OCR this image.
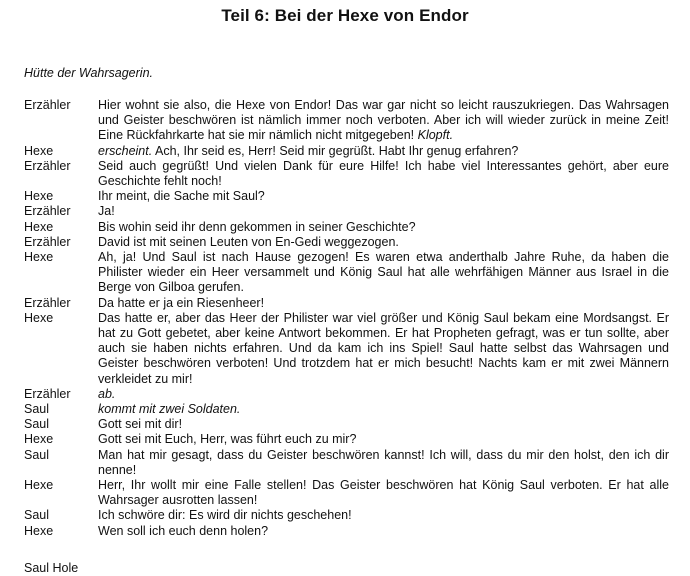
Teil 6: Bei der Hexe von Endor
Hütte der Wahrsagerin.
Erzähler	Hier wohnt sie also, die Hexe von Endor! Das war gar nicht so leicht rauszukriegen. Das Wahrsagen und Geister beschwören ist nämlich immer noch verboten. Aber ich will wieder zurück in meine Zeit! Eine Rückfahrkarte hat sie mir nämlich nicht mitgegeben! Klopft.
Hexe	erscheint. Ach, Ihr seid es, Herr! Seid mir gegrüßt. Habt Ihr genug erfahren?
Erzähler	Seid auch gegrüßt! Und vielen Dank für eure Hilfe! Ich habe viel Interessantes gehört, aber eure Geschichte fehlt noch!
Hexe	Ihr meint, die Sache mit Saul?
Erzähler	Ja!
Hexe	Bis wohin seid ihr denn gekommen in seiner Geschichte?
Erzähler	David ist mit seinen Leuten von En-Gedi weggezogen.
Hexe	Ah, ja! Und Saul ist nach Hause gezogen! Es waren etwa anderthalb Jahre Ruhe, da haben die Philister wieder ein Heer versammelt und König Saul hat alle wehrfähigen Männer aus Israel in die Berge von Gilboa gerufen.
Erzähler	Da hatte er ja ein Riesenheer!
Hexe	Das hatte er, aber das Heer der Philister war viel größer und König Saul bekam eine Mordsangst. Er hat zu Gott gebetet, aber keine Antwort bekommen. Er hat Propheten gefragt, was er tun sollte, aber auch sie haben nichts erfahren. Und da kam ich ins Spiel! Saul hatte selbst das Wahrsagen und Geister beschwören verboten! Und trotzdem hat er mich besucht! Nachts kam er mit zwei Männern verkleidet zu mir!
Erzähler	ab.
Saul	kommt mit zwei Soldaten.
Saul	Gott sei mit dir!
Hexe	Gott sei mit Euch, Herr, was führt euch zu mir?
Saul	Man hat mir gesagt, dass du Geister beschwören kannst! Ich will, dass du mir den holst, den ich dir nenne!
Hexe	Herr, Ihr wollt mir eine Falle stellen! Das Geister beschwören hat König Saul verboten. Er hat alle Wahrsager ausrotten lassen!
Saul	Ich schwöre dir: Es wird dir nichts geschehen!
Hexe	Wen soll ich euch denn holen?
Saul Hole
